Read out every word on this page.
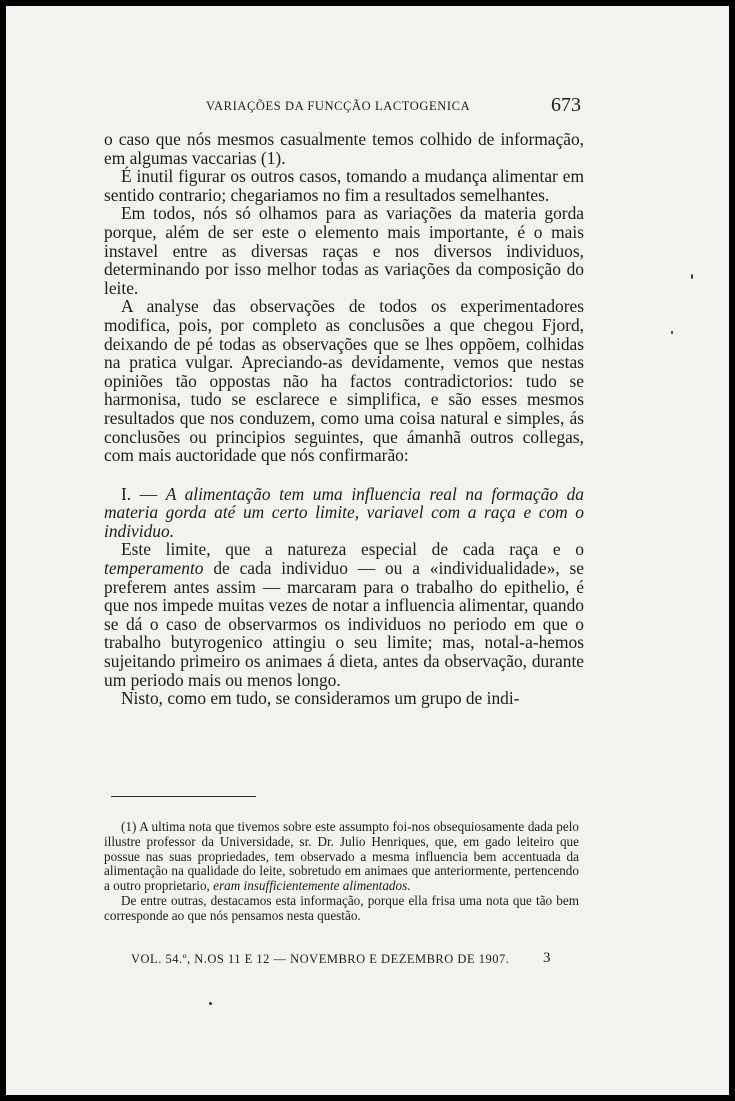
VARIAÇÕES DA FUNCÇÃO LACTOGENICA	673

o caso que nós mesmos casualmente temos colhido de informação, em algumas vaccarias (1).

É inutil figurar os outros casos, tomando a mudança alimentar em sentido contrario; chegariamos no fim a resultados semelhantes.

Em todos, nós só olhamos para as variações da materia gorda porque, além de ser este o elemento mais importante, é o mais instavel entre as diversas raças e nos diversos individuos, determinando por isso melhor todas as variações da composição do leite.

A analyse das observações de todos os experimentadores modifica, pois, por completo as conclusões a que chegou Fjord, deixando de pé todas as observações que se lhes oppõem, colhidas na pratica vulgar. Apreciando-as devidamente, vemos que nestas opiniões tão oppostas não ha factos contradictorios: tudo se harmonisa, tudo se esclarece e simplifica, e são esses mesmos resultados que nos conduzem, como uma coisa natural e simples, ás conclusões ou principios seguintes, que ámanhã outros collegas, com mais auctoridade que nós confirmarão:

I. — A alimentação tem uma influencia real na formação da materia gorda até um certo limite, variavel com a raça e com o individuo.

Este limite, que a natureza especial de cada raça e o temperamento de cada individuo — ou a «individualidade», se preferem antes assim — marcaram para o trabalho do epithelio, é que nos impede muitas vezes de notar a influencia alimentar, quando se dá o caso de observarmos os individuos no periodo em que o trabalho butyrogenico attingiu o seu limite; mas, notal-a-hemos sujeitando primeiro os animaes á dieta, antes da observação, durante um periodo mais ou menos longo.

Nisto, como em tudo, se consideramos um grupo de indi-

(1) A ultima nota que tivemos sobre este assumpto foi-nos obsequiosamente dada pelo illustre professor da Universidade, sr. Dr. Julio Henriques, que, em gado leiteiro que possue nas suas propriedades, tem observado a mesma influencia bem accentuada da alimentação na qualidade do leite, sobretudo em animaes que anteriormente, pertencendo a outro proprietario, eram insufficientemente alimentados.

De entre outras, destacamos esta informação, porque ella frisa uma nota que tão bem corresponde ao que nós pensamos nesta questão.

VOL. 54.º, N.OS 11 E 12 — NOVEMBRO E DEZEMBRO DE 1907. 3
